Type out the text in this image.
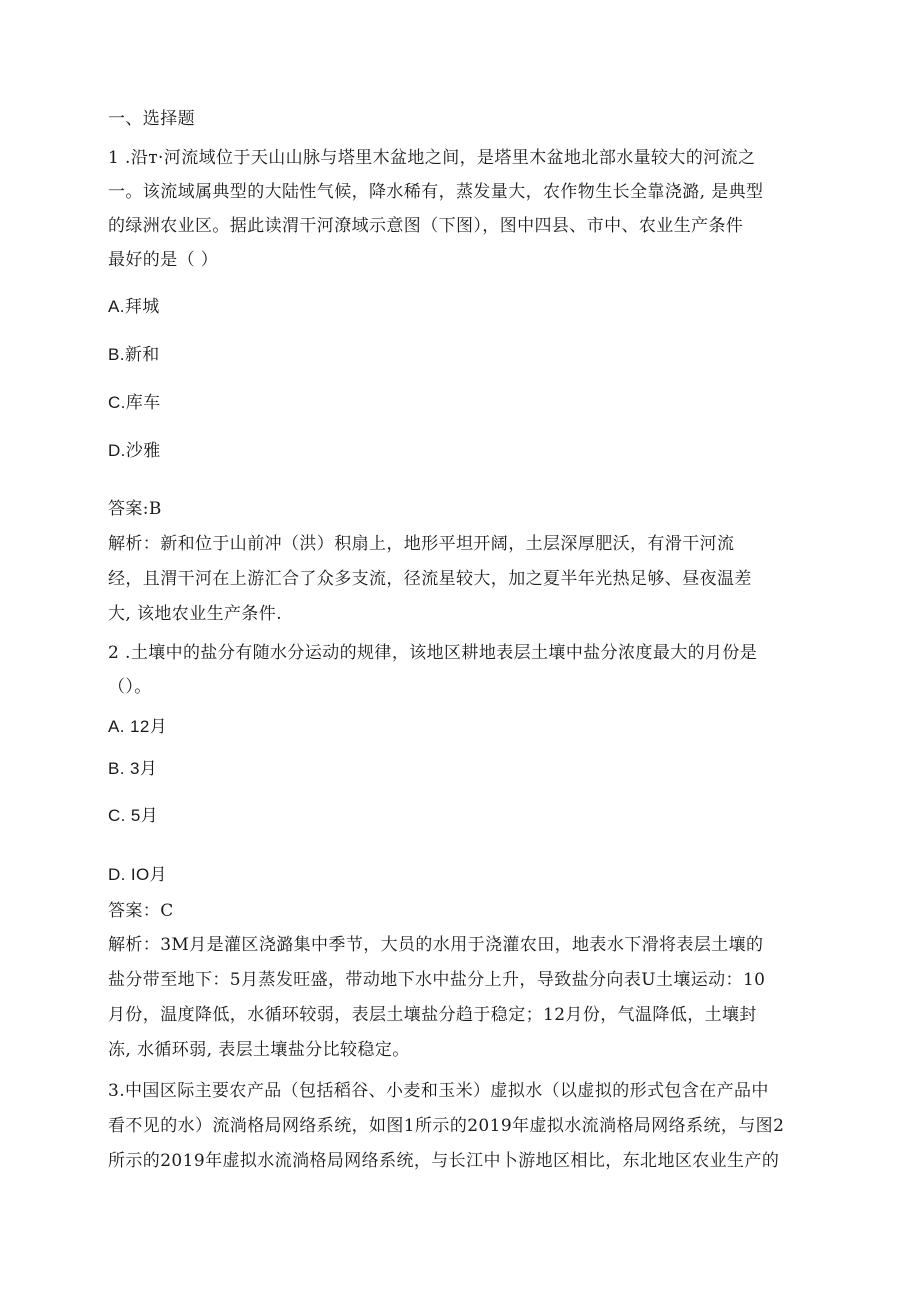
一、选择题
1 .沿т·河流域位于天山山脉与塔里木盆地之间，是塔里木盆地北部水量较大的河流之
一。该流域属典型的大陆性气候，降水稀有，蒸发量大，农作物生长全靠浇潞, 是典型
的绿洲农业区。据此读渭干河潦域示意图（下图），图中四县、市中、农业生产条件
最好的是（ ）
A.拜城
B.新和
C.库车
D.沙雅
答案:B
解析：新和位于山前冲（洪）积扇上，地形平坦开阔，土层深厚肥沃，有滑干河流
经，且渭干河在上游汇合了众多支流，径流星较大，加之夏半年光热足够、昼夜温差
大, 该地农业生产条件.
2 .土壤中的盐分有随水分运动的规律，该地区耕地表层土壤中盐分浓度最大的月份是
（）。
A. 12月
B. 3月
C. 5月
D. IO月
答案：C
解析：3M月是灌区浇潞集中季节，大员的水用于浇灌农田，地表水下滑将表层土壤的
盐分带至地下：5月蒸发旺盛，带动地下水中盐分上升，导致盐分向表U土壤运动：10
月份，温度降低，水循环较弱，表层土壤盐分趋于稳定；12月份，气温降低，土壤封
冻, 水循环弱, 表层土壤盐分比较稳定。
3.中国区际主要农产品（包括稻谷、小麦和玉米）虚拟水（以虚拟的形式包含在产品中
看不见的水）流淌格局网络系统，如图1所示的2019年虚拟水流淌格局网络系统，与图2
所示的2019年虚拟水流淌格局网络系统，与长江中卜游地区相比，东北地区农业生产的
